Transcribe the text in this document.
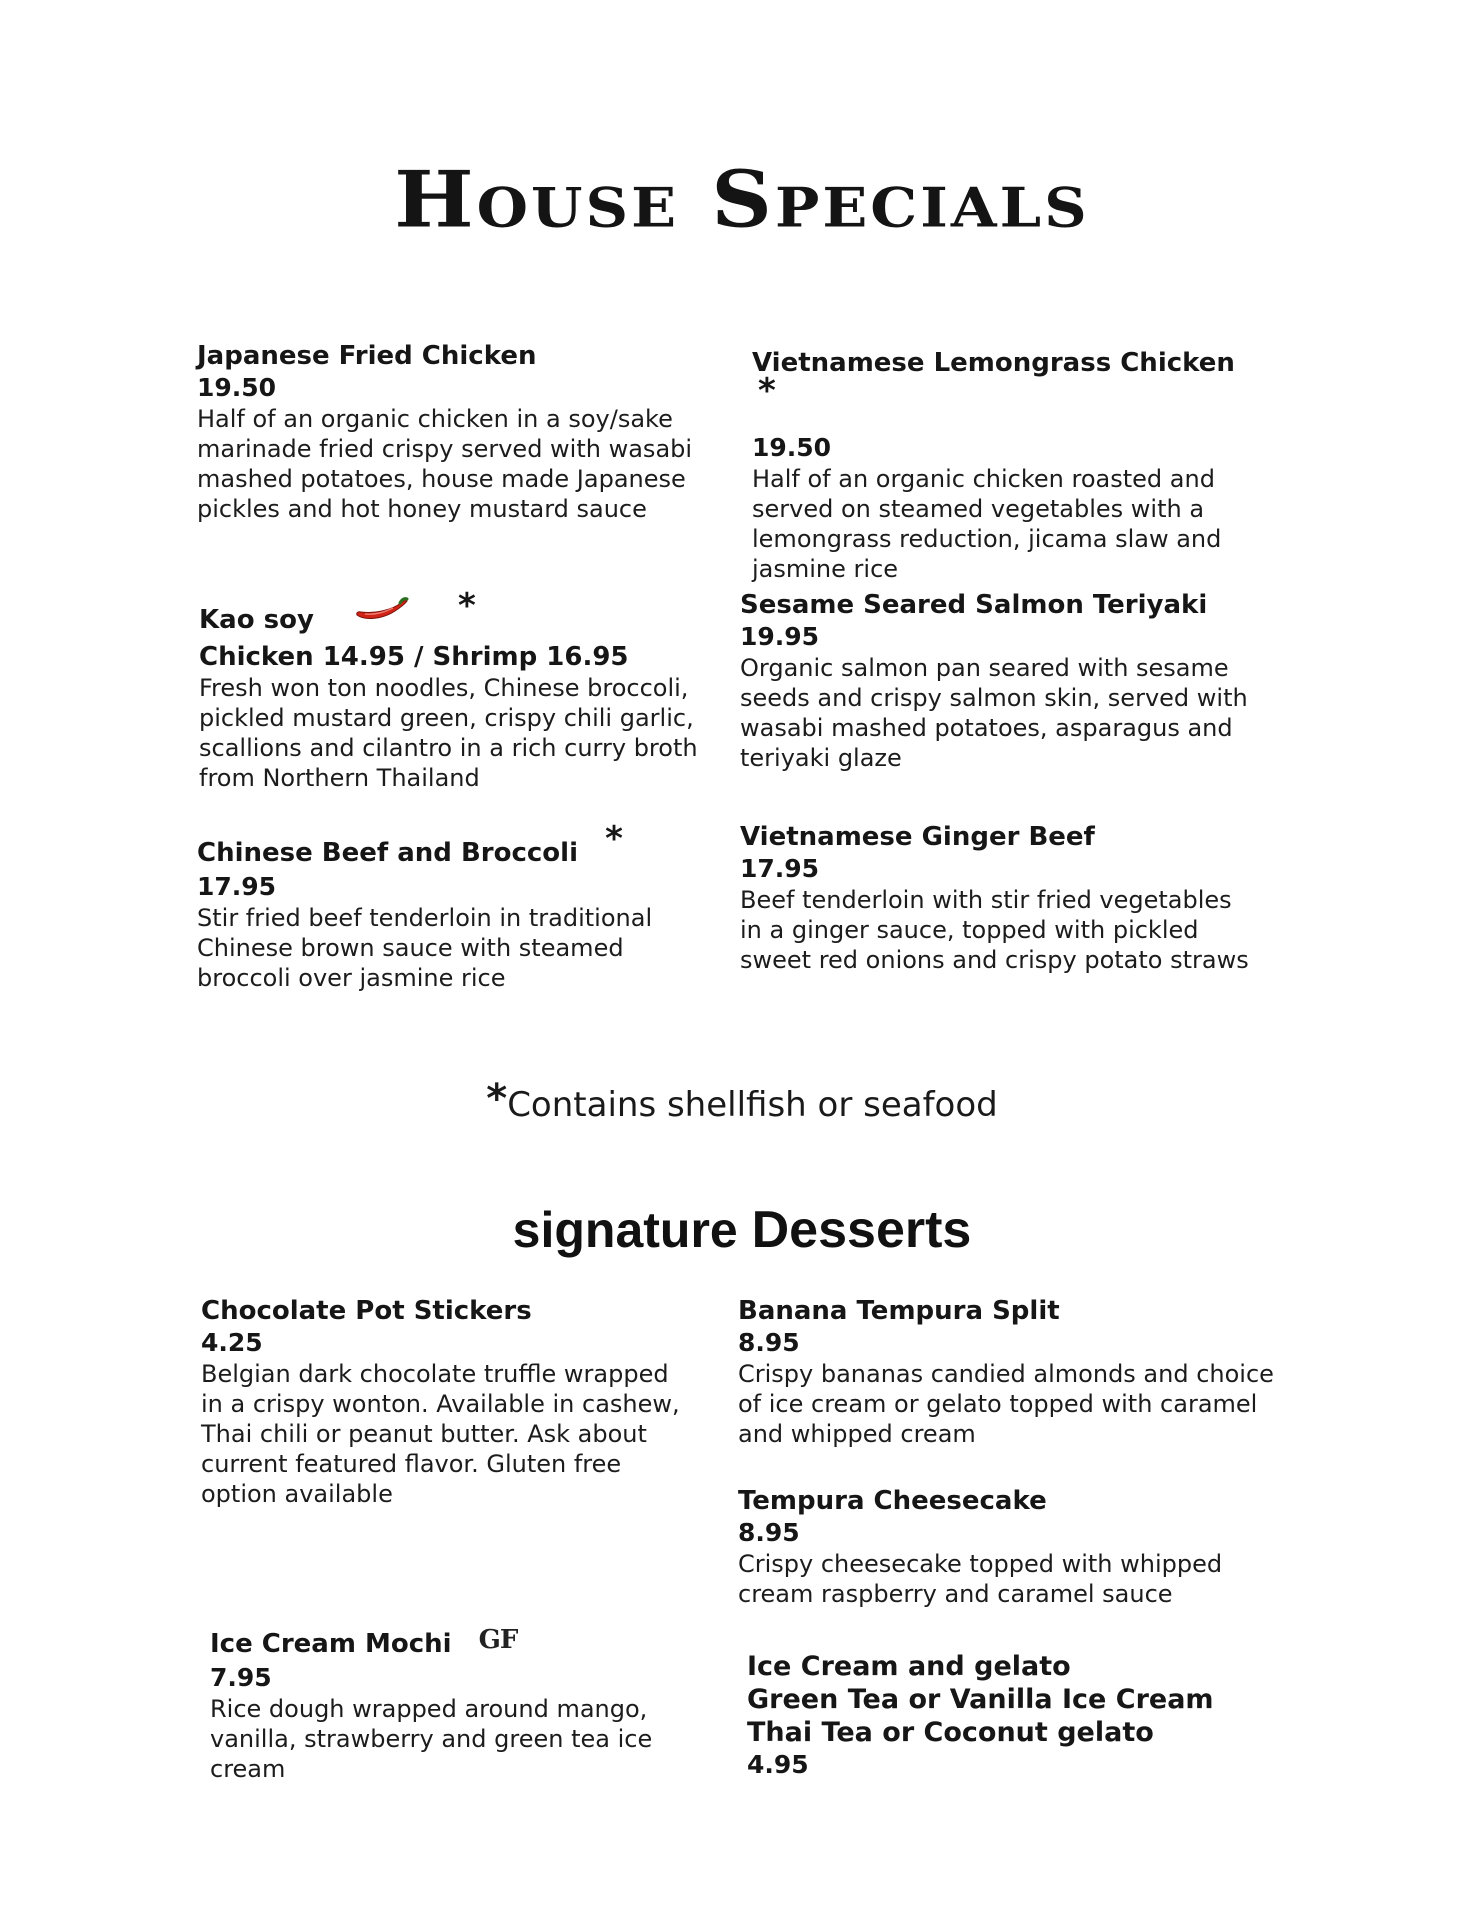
House Specials

Japanese Fried Chicken

19.50

Half of an organic chicken in a soy/sake marinade fried crispy served with wasabi mashed potatoes, house made Japanese pickles and hot honey mustard sauce

Kao soy	*

Chicken 14.95 / Shrimp 16.95

Fresh won ton noodles, Chinese broccoli, pickled mustard green, crispy chili garlic, scallions and cilantro in a rich curry broth from Northern Thailand

Chinese Beef and Broccoli *

17.95

Stir fried beef tenderloin in traditional Chinese brown sauce with steamed broccoli over jasmine rice

Vietnamese Lemongrass Chicken *

19.50

Half of an organic chicken roasted and served on steamed vegetables with a lemongrass reduction, jicama slaw and jasmine rice

Sesame Seared Salmon Teriyaki

19.95

Organic salmon pan seared with sesame seeds and crispy salmon skin, served with wasabi mashed potatoes, asparagus and teriyaki glaze

Vietnamese Ginger Beef

17.95

Beef tenderloin with stir fried vegetables in a ginger sauce, topped with pickled sweet red onions and crispy potato straws

*Contains shellfish or seafood
signature Desserts

Chocolate Pot Stickers

4.25

Belgian dark chocolate truffle wrapped in a crispy wonton. Available in cashew, Thai chili or peanut butter. Ask about current featured flavor. Gluten free option available

Ice Cream Mochi GF

7.95

Rice dough wrapped around mango, vanilla, strawberry and green tea ice cream

Banana Tempura Split

8.95

Crispy bananas candied almonds and choice of ice cream or gelato topped with caramel and whipped cream

Tempura Cheesecake

8.95

Crispy cheesecake topped with whipped cream raspberry and caramel sauce

Ice Cream and gelato

Green Tea or Vanilla Ice Cream

Thai Tea or Coconut gelato

4.95
